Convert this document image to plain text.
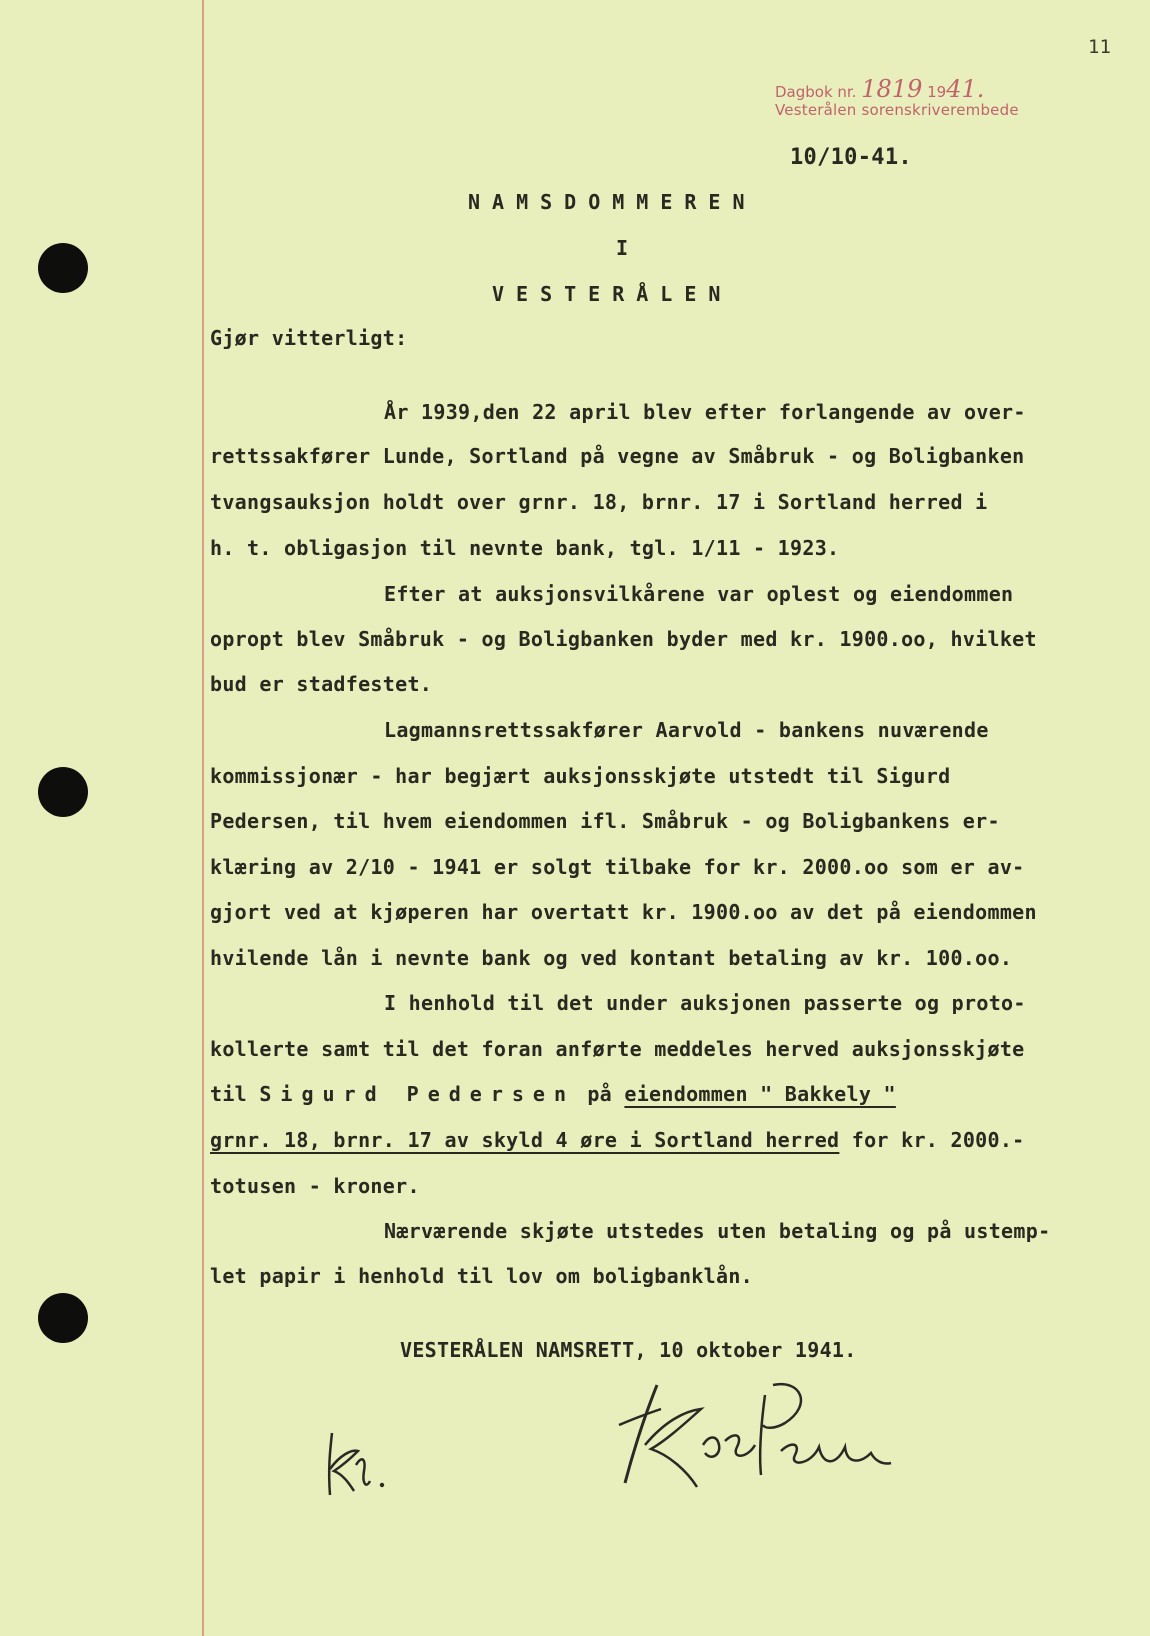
11
Dagbok nr. 1819 1941.
Vesterålen sorenskriverembede
10/10-41.
NAMSDOMMEREN
I
VESTERÅLEN
Gjør vitterligt:
År 1939,den 22 april blev efter forlangende av over-
rettssakfører Lunde, Sortland på vegne av Småbruk - og Boligbanken
tvangsauksjon holdt over grnr. 18, brnr. 17 i Sortland herred i
h. t. obligasjon til nevnte bank, tgl. 1/11 - 1923.
Efter at auksjonsvilkårene var oplest og eiendommen
opropt blev Småbruk - og Boligbanken byder med kr. 1900.oo, hvilket
bud er stadfestet.
Lagmannsrettssakfører Aarvold - bankens nuværende
kommissjonær - har begjært auksjonsskjøte utstedt til Sigurd
Pedersen, til hvem eiendommen ifl. Småbruk - og Boligbankens er-
klæring av 2/10 - 1941 er solgt tilbake for kr. 2000.oo som er av-
gjort ved at kjøperen har overtatt kr. 1900.oo av det på eiendommen
hvilende lån i nevnte bank og ved kontant betaling av kr. 100.oo.
I henhold til det under auksjonen passerte og proto-
kollerte samt til det foran anførte meddeles herved auksjonsskjøte
til Sigurd Pedersen på eiendommen " Bakkely "
grnr. 18, brnr. 17 av skyld 4 øre i Sortland herred for kr. 2000.-
totusen - kroner.
Nærværende skjøte utstedes uten betaling og på ustemp-
let papir i henhold til lov om boligbanklån.
VESTERÅLEN NAMSRETT, 10 oktober 1941.
